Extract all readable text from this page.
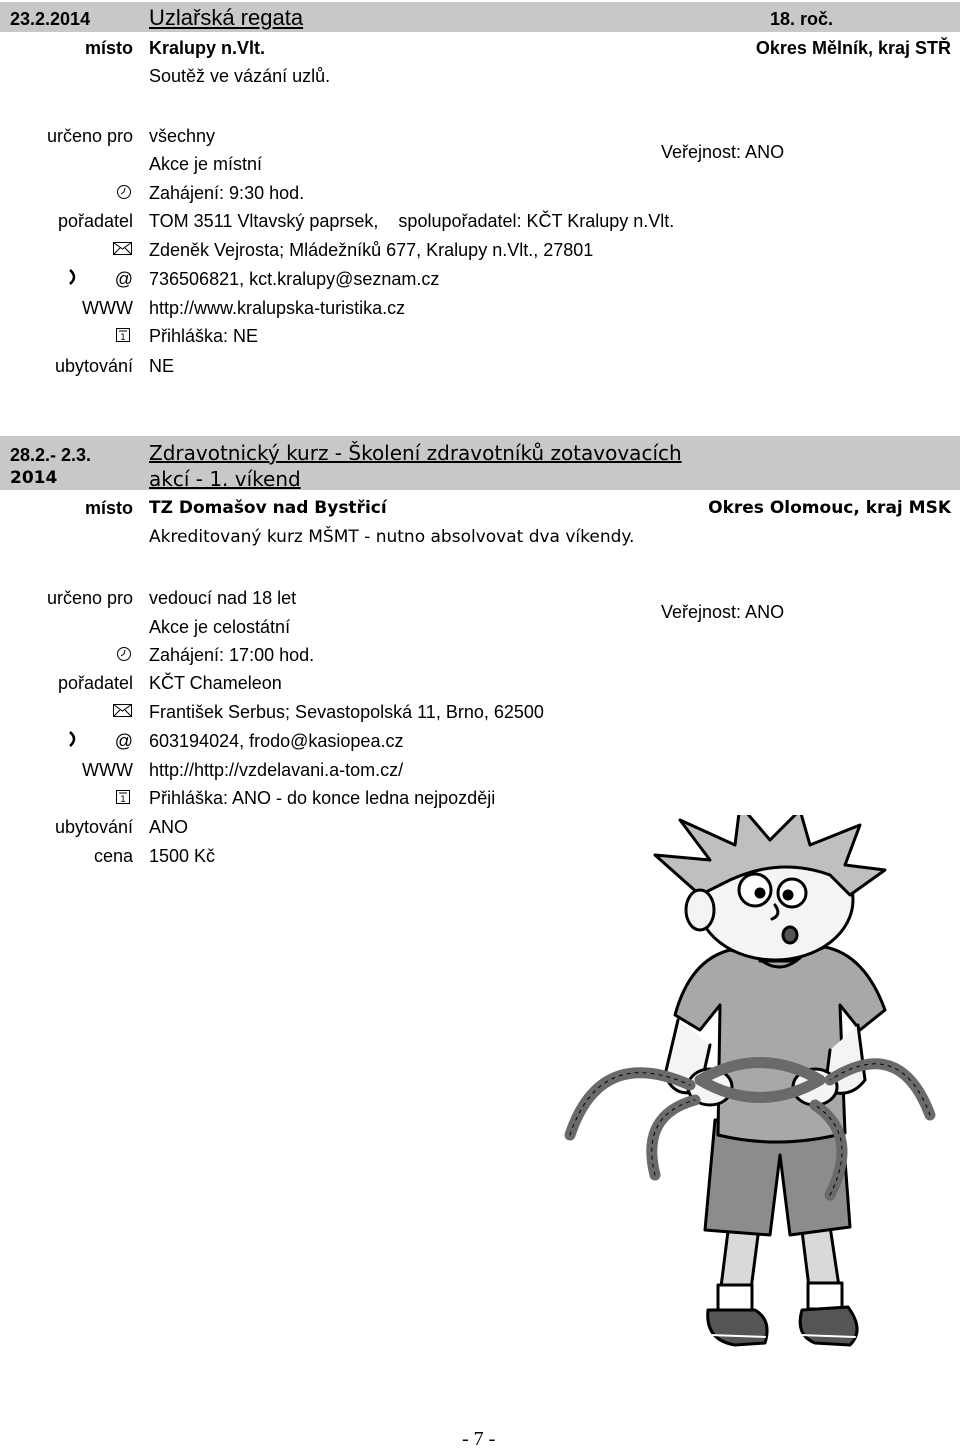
23.2.2014	Uzlařská regata	18. roč.
místo Kralupy n.Vlt.	Okres Mělník, kraj STŘ
Soutěž ve vázání uzlů.
určeno pro všechny
Veřejnost: ANO
Akce je místní
Zahájení: 9:30 hod.
pořadatel TOM 3511 Vltavský paprsek,    spolupořadatel: KČT Kralupy n.Vlt.
Zdeněk Vejrosta; Mládežníků 677, Kralupy n.Vlt., 27801
@ 736506821, kct.kralupy@seznam.cz
WWW http://www.kralupska-turistika.cz
1 Přihláška: NE
ubytování NE
28.2.- 2.3.
2014
Zdravotnický kurz - Školení zdravotníků zotavovacích
akcí - 1. víkend
místo TZ Domašov nad Bystřicí	Okres Olomouc, kraj MSK
Akreditovaný kurz MŠMT - nutno absolvovat dva víkendy.
určeno pro vedoucí nad 18 let
Veřejnost: ANO
Akce je celostátní
Zahájení: 17:00 hod.
pořadatel KČT Chameleon
František Serbus; Sevastopolská 11, Brno, 62500
@ 603194024, frodo@kasiopea.cz
WWW http://http://vzdelavani.a-tom.cz/
1 Přihláška: ANO - do konce ledna nejpozději
ubytování ANO
cena 1500 Kč
- 7 -
